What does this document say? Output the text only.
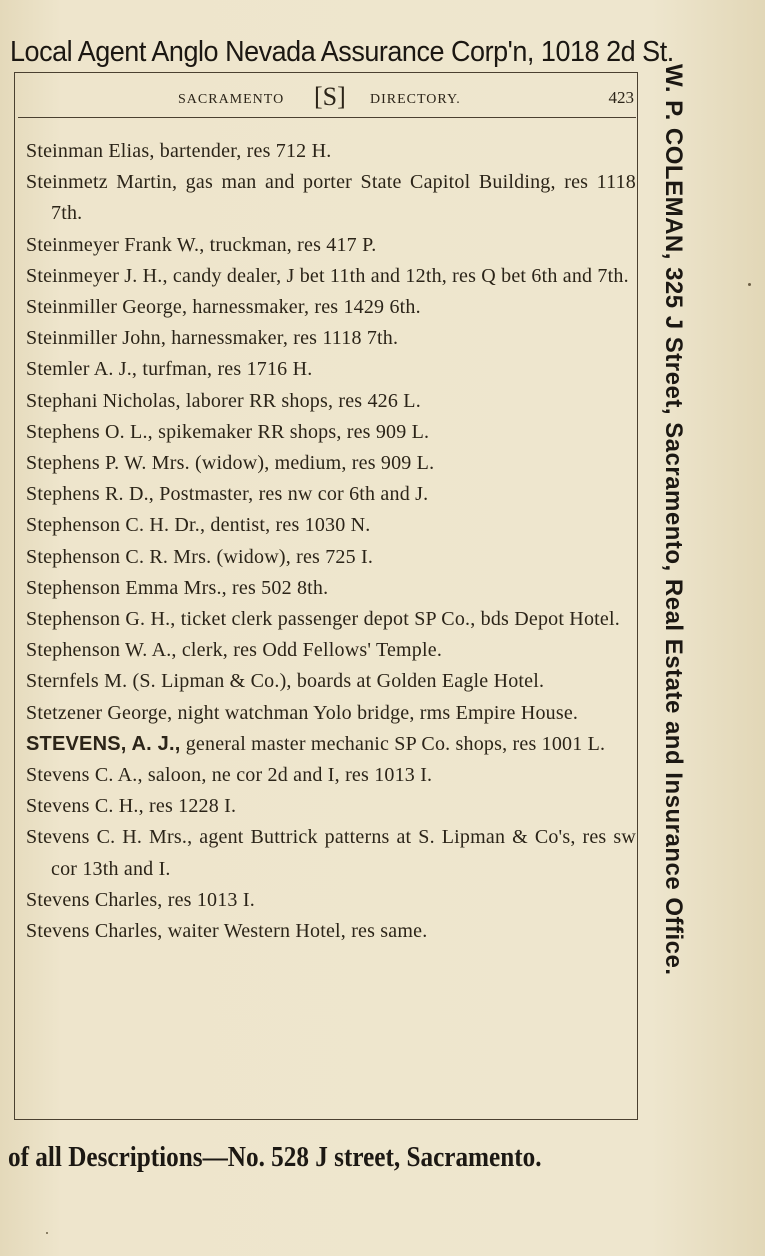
Local Agent Anglo Nevada Assurance Corp'n, 1018 2d St.
SACRAMENTO [S] DIRECTORY.	423
Steinman Elias, bartender, res 712 H.
Steinmetz Martin, gas man and porter State Capitol Building, res 1118 7th.
Steinmeyer Frank W., truckman, res 417 P.
Steinmeyer J. H., candy dealer, J bet 11th and 12th, res Q bet 6th and 7th.
Steinmiller George, harnessmaker, res 1429 6th.
Steinmiller John, harnessmaker, res 1118 7th.
Stemler A. J., turfman, res 1716 H.
Stephani Nicholas, laborer RR shops, res 426 L.
Stephens O. L., spikemaker RR shops, res 909 L.
Stephens P. W. Mrs. (widow), medium, res 909 L.
Stephens R. D., Postmaster, res nw cor 6th and J.
Stephenson C. H. Dr., dentist, res 1030 N.
Stephenson C. R. Mrs. (widow), res 725 I.
Stephenson Emma Mrs., res 502 8th.
Stephenson G. H., ticket clerk passenger depot SP Co., bds Depot Hotel.
Stephenson W. A., clerk, res Odd Fellows' Temple.
Sternfels M. (S. Lipman & Co.), boards at Golden Eagle Hotel.
Stetzener George, night watchman Yolo bridge, rms Empire House.
STEVENS, A. J., general master mechanic SP Co. shops, res 1001 L.
Stevens C. A., saloon, ne cor 2d and I, res 1013 I.
Stevens C. H., res 1228 I.
Stevens C. H. Mrs., agent Buttrick patterns at S. Lipman & Co's, res sw cor 13th and I.
Stevens Charles, res 1013 I.
Stevens Charles, waiter Western Hotel, res same.	W. P. COLEMAN, 325 J Street, Sacramento, Real Estate and Insurance Office.
of all Descriptions—No. 528 J street, Sacramento.
